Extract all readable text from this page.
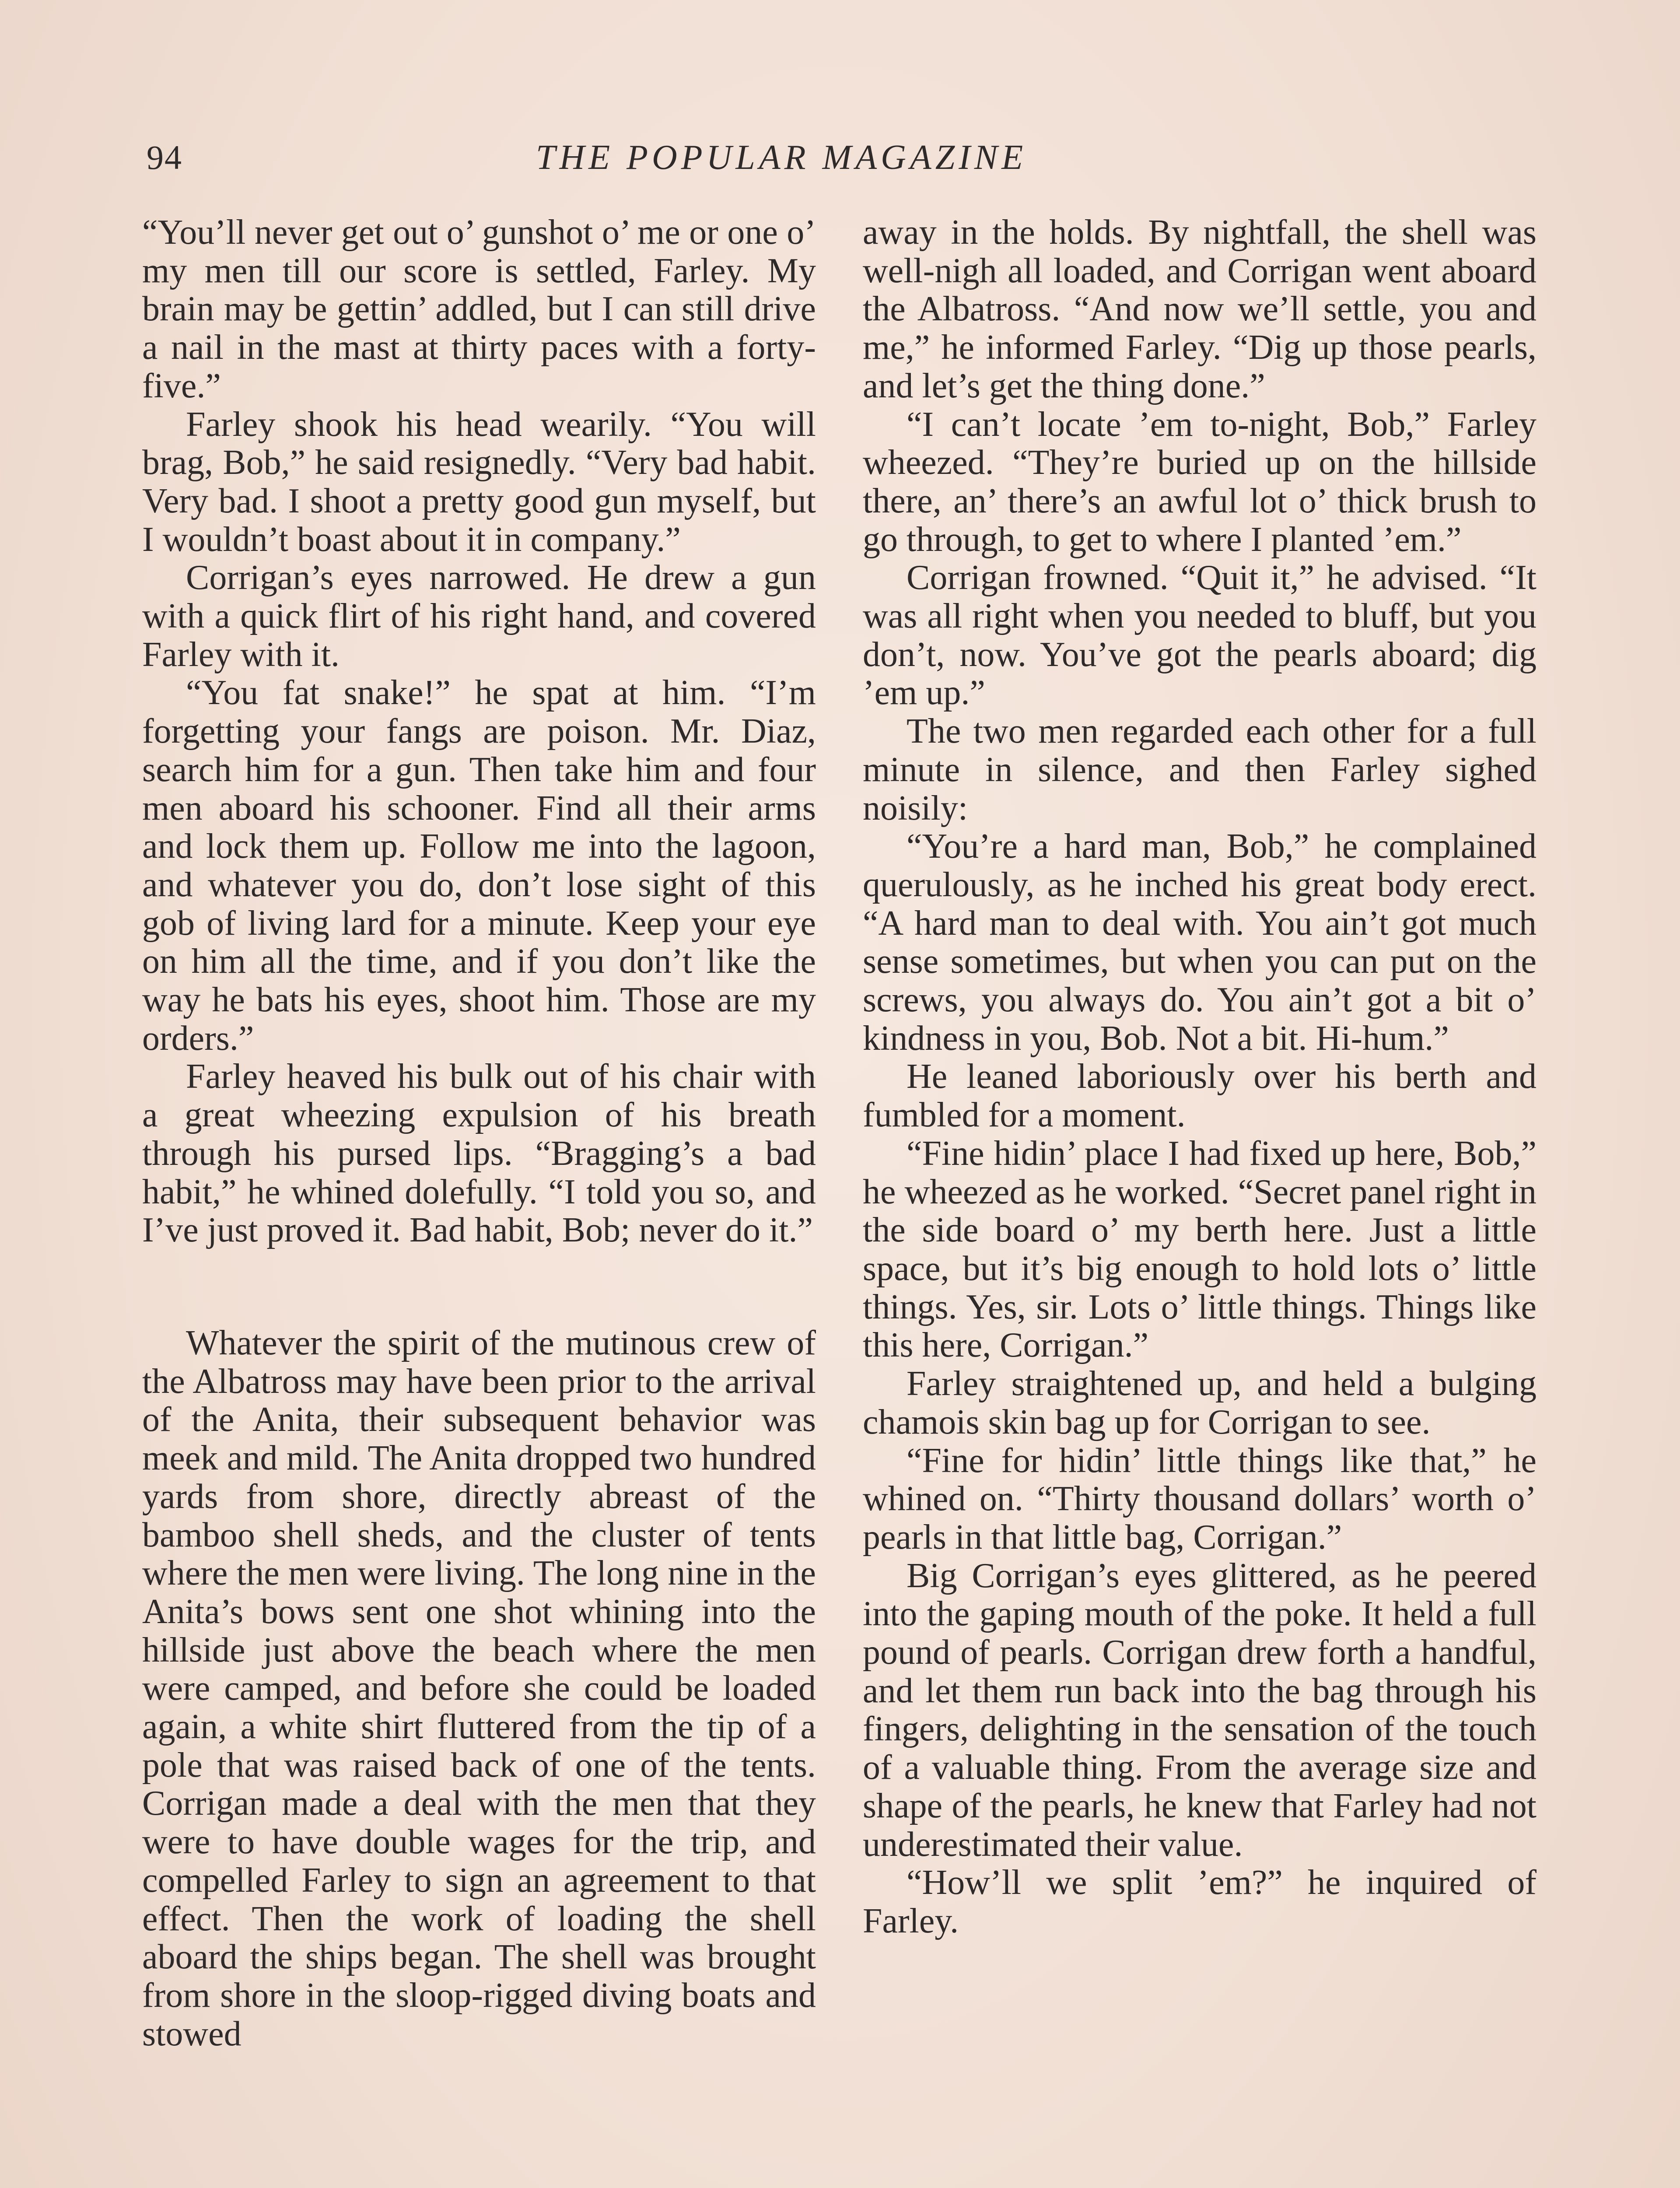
94	THE POPULAR MAGAZINE

“You’ll never get out o’ gunshot o’ me or one o’ my men till our score is settled, Farley. My brain may be gettin’ addled, but I can still drive a nail in the mast at thirty paces with a forty-five.”

Farley shook his head wearily. “You will brag, Bob,” he said resignedly. “Very bad habit. Very bad. I shoot a pretty good gun myself, but I wouldn’t boast about it in company.”

Corrigan’s eyes narrowed. He drew a gun with a quick flirt of his right hand, and covered Farley with it.

“You fat snake!” he spat at him. “I’m forgetting your fangs are poison. Mr. Diaz, search him for a gun. Then take him and four men aboard his schooner. Find all their arms and lock them up. Follow me into the lagoon, and whatever you do, don’t lose sight of this gob of living lard for a minute. Keep your eye on him all the time, and if you don’t like the way he bats his eyes, shoot him. Those are my orders.”

Farley heaved his bulk out of his chair with a great wheezing expulsion of his breath through his pursed lips. “Bragging’s a bad habit,” he whined dolefully. “I told you so, and I’ve just proved it. Bad habit, Bob; never do it.”

Whatever the spirit of the mutinous crew of the Albatross may have been prior to the arrival of the Anita, their subsequent behavior was meek and mild. The Anita dropped two hundred yards from shore, directly abreast of the bamboo shell sheds, and the cluster of tents where the men were living. The long nine in the Anita’s bows sent one shot whining into the hillside just above the beach where the men were camped, and before she could be loaded again, a white shirt fluttered from the tip of a pole that was raised back of one of the tents. Corrigan made a deal with the men that they were to have double wages for the trip, and compelled Farley to sign an agreement to that effect. Then the work of loading the shell aboard the ships began. The shell was brought from shore in the sloop-rigged diving boats and stowed

away in the holds. By nightfall, the shell was well-nigh all loaded, and Corrigan went aboard the Albatross. “And now we’ll settle, you and me,” he informed Farley. “Dig up those pearls, and let’s get the thing done.”

“I can’t locate ’em to-night, Bob,” Farley wheezed. “They’re buried up on the hillside there, an’ there’s an awful lot o’ thick brush to go through, to get to where I planted ’em.”

Corrigan frowned. “Quit it,” he advised. “It was all right when you needed to bluff, but you don’t, now. You’ve got the pearls aboard; dig ’em up.”

The two men regarded each other for a full minute in silence, and then Farley sighed noisily:

“You’re a hard man, Bob,” he complained querulously, as he inched his great body erect. “A hard man to deal with. You ain’t got much sense sometimes, but when you can put on the screws, you always do. You ain’t got a bit o’ kindness in you, Bob. Not a bit. Hi-hum.”

He leaned laboriously over his berth and fumbled for a moment.

“Fine hidin’ place I had fixed up here, Bob,” he wheezed as he worked. “Secret panel right in the side board o’ my berth here. Just a little space, but it’s big enough to hold lots o’ little things. Yes, sir. Lots o’ little things. Things like this here, Corrigan.”

Farley straightened up, and held a bulging chamois skin bag up for Corrigan to see.

“Fine for hidin’ little things like that,” he whined on. “Thirty thousand dollars’ worth o’ pearls in that little bag, Corrigan.”

Big Corrigan’s eyes glittered, as he peered into the gaping mouth of the poke. It held a full pound of pearls. Corrigan drew forth a handful, and let them run back into the bag through his fingers, delighting in the sensation of the touch of a valuable thing. From the average size and shape of the pearls, he knew that Farley had not underestimated their value.

“How’ll we split ’em?” he inquired of Farley.
